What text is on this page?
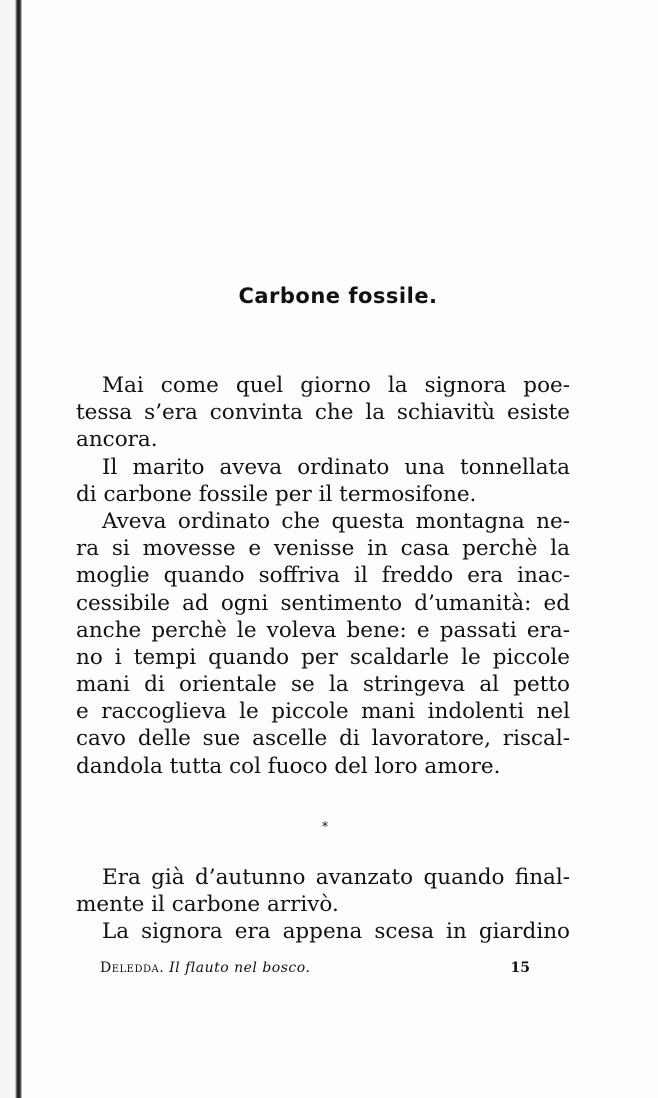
Carbone fossile.
Mai come quel giorno la signora poe-
tessa s’era convinta che la schiavitù esiste
ancora.
Il marito aveva ordinato una tonnellata
di carbone fossile per il termosifone.
Aveva ordinato che questa montagna ne-
ra si movesse e venisse in casa perchè la
moglie quando soffriva il freddo era inac-
cessibile ad ogni sentimento d’umanità: ed
anche perchè le voleva bene: e passati era-
no i tempi quando per scaldarle le piccole
mani di orientale se la stringeva al petto
e raccoglieva le piccole mani indolenti nel
cavo delle sue ascelle di lavoratore, riscal-
dandola tutta col fuoco del loro amore.
*
Era già d’autunno avanzato quando final-
mente il carbone arrivò.
La signora era appena scesa in giardino
Deledda. Il flauto nel bosco.	15
